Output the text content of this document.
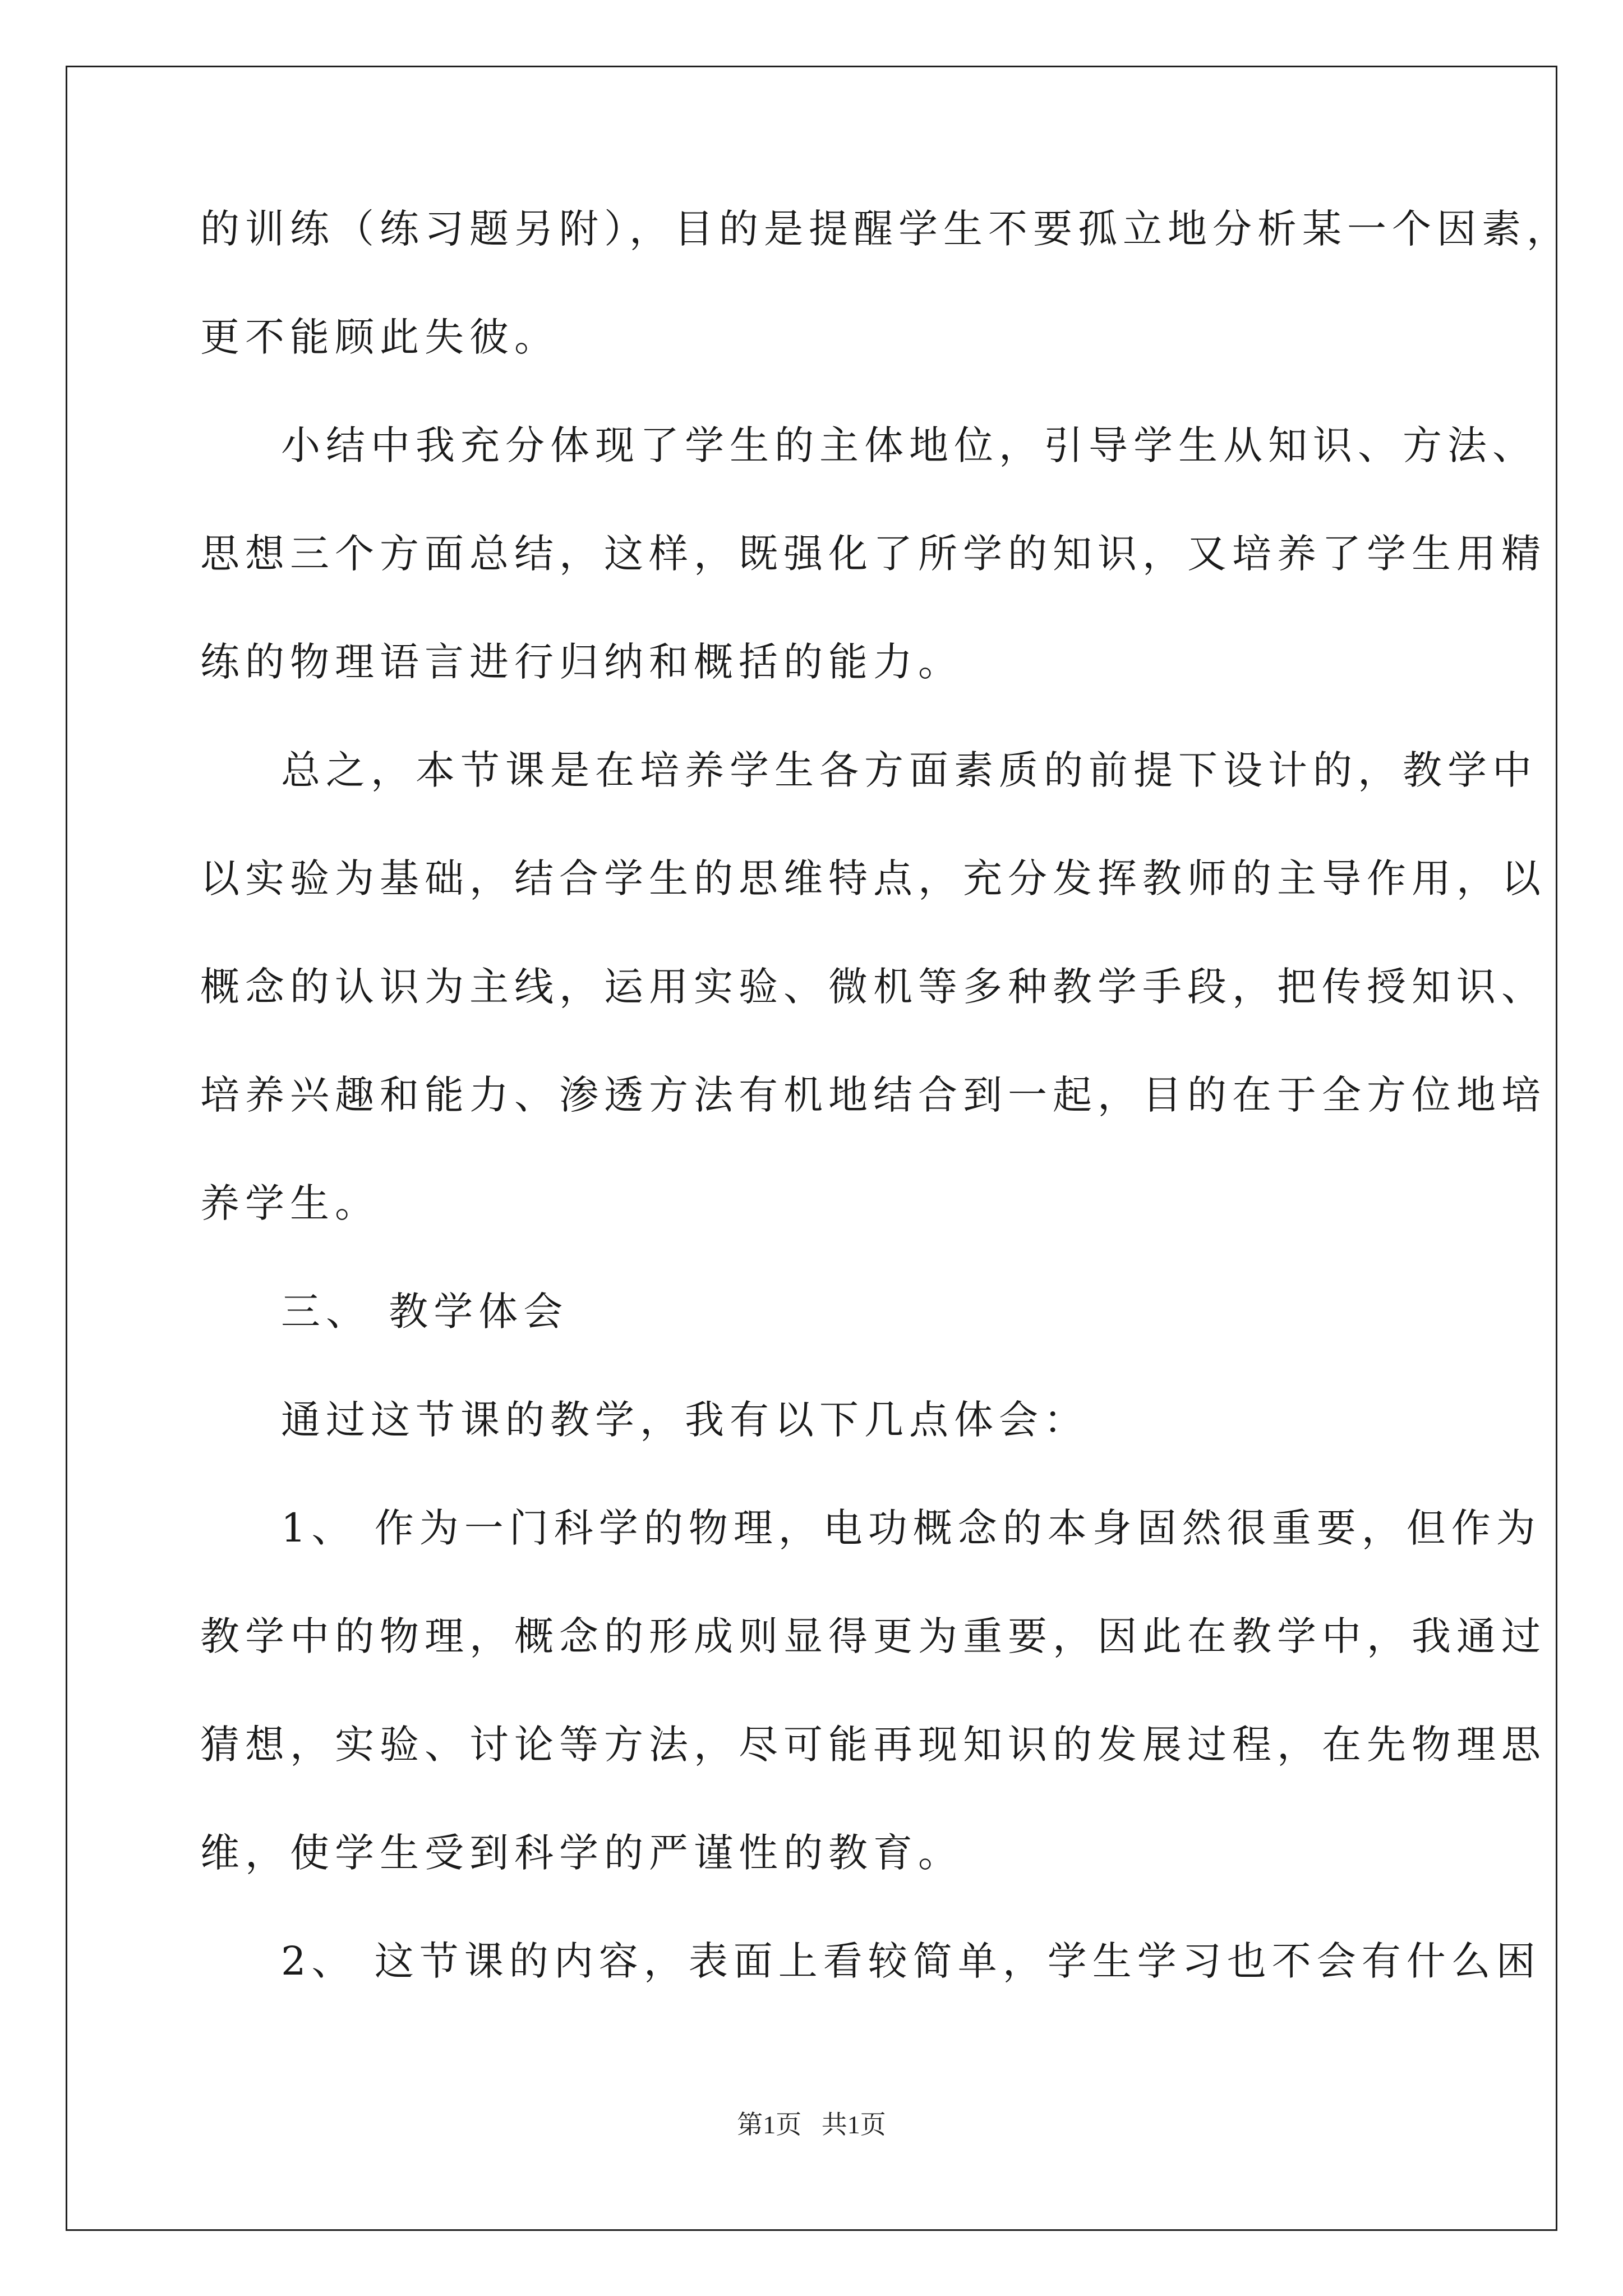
的训练（练习题另附），目的是提醒学生不要孤立地分析某一个因素，
更不能顾此失彼。
小结中我充分体现了学生的主体地位，引导学生从知识、方法、
思想三个方面总结，这样，既强化了所学的知识，又培养了学生用精
练的物理语言进行归纳和概括的能力。
总之，本节课是在培养学生各方面素质的前提下设计的，教学中
以实验为基础，结合学生的思维特点，充分发挥教师的主导作用，以
概念的认识为主线，运用实验、微机等多种教学手段，把传授知识、
培养兴趣和能力、渗透方法有机地结合到一起，目的在于全方位地培
养学生。
三、 教学体会
通过这节课的教学，我有以下几点体会：
1、 作为一门科学的物理，电功概念的本身固然很重要，但作为
教学中的物理，概念的形成则显得更为重要，因此在教学中，我通过
猜想，实验、讨论等方法，尽可能再现知识的发展过程，在先物理思
维，使学生受到科学的严谨性的教育。
2、 这节课的内容，表面上看较简单，学生学习也不会有什么困
第1页 共1页
